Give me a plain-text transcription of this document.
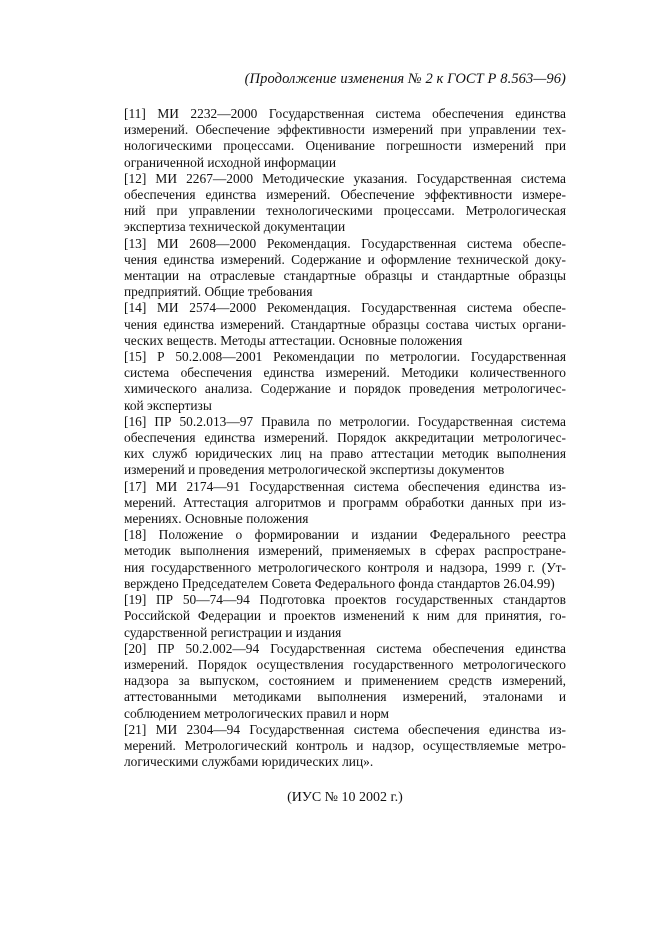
(Продолжение изменения № 2 к ГОСТ Р 8.563—96)
[11] МИ 2232—2000 Государственная система обеспечения единства
измерений. Обеспечение эффективности измерений при управлении тех-
нологическими процессами. Оценивание погрешности измерений при
ограниченной исходной информации
[12] МИ 2267—2000 Методические указания. Государственная система
обеспечения единства измерений. Обеспечение эффективности измере-
ний при управлении технологическими процессами. Метрологическая
экспертиза технической документации
[13] МИ 2608—2000 Рекомендация. Государственная система обеспе-
чения единства измерений. Содержание и оформление технической доку-
ментации на отраслевые стандартные образцы и стандартные образцы
предприятий. Общие требования
[14] МИ 2574—2000 Рекомендация. Государственная система обеспе-
чения единства измерений. Стандартные образцы состава чистых органи-
ческих веществ. Методы аттестации. Основные положения
[15] Р 50.2.008—2001 Рекомендации по метрологии. Государственная
система обеспечения единства измерений. Методики количественного
химического анализа. Содержание и порядок проведения метрологичес-
кой экспертизы
[16] ПР 50.2.013—97 Правила по метрологии. Государственная система
обеспечения единства измерений. Порядок аккредитации метрологичес-
ких служб юридических лиц на право аттестации методик выполнения
измерений и проведения метрологической экспертизы документов
[17] МИ 2174—91 Государственная система обеспечения единства из-
мерений. Аттестация алгоритмов и программ обработки данных при из-
мерениях. Основные положения
[18] Положение о формировании и издании Федерального реестра
методик выполнения измерений, применяемых в сферах распростране-
ния государственного метрологического контроля и надзора, 1999 г. (Ут-
верждено Председателем Совета Федерального фонда стандартов 26.04.99)
[19] ПР 50—74—94 Подготовка проектов государственных стандартов
Российской Федерации и проектов изменений к ним для принятия, го-
сударственной регистрации и издания
[20] ПР 50.2.002—94 Государственная система обеспечения единства
измерений. Порядок осуществления государственного метрологического
надзора за выпуском, состоянием и применением средств измерений,
аттестованными методиками выполнения измерений, эталонами и
соблюдением метрологических правил и норм
[21] МИ 2304—94 Государственная система обеспечения единства из-
мерений. Метрологический контроль и надзор, осуществляемые метро-
логическими службами юридических лиц».
(ИУС № 10 2002 г.)
